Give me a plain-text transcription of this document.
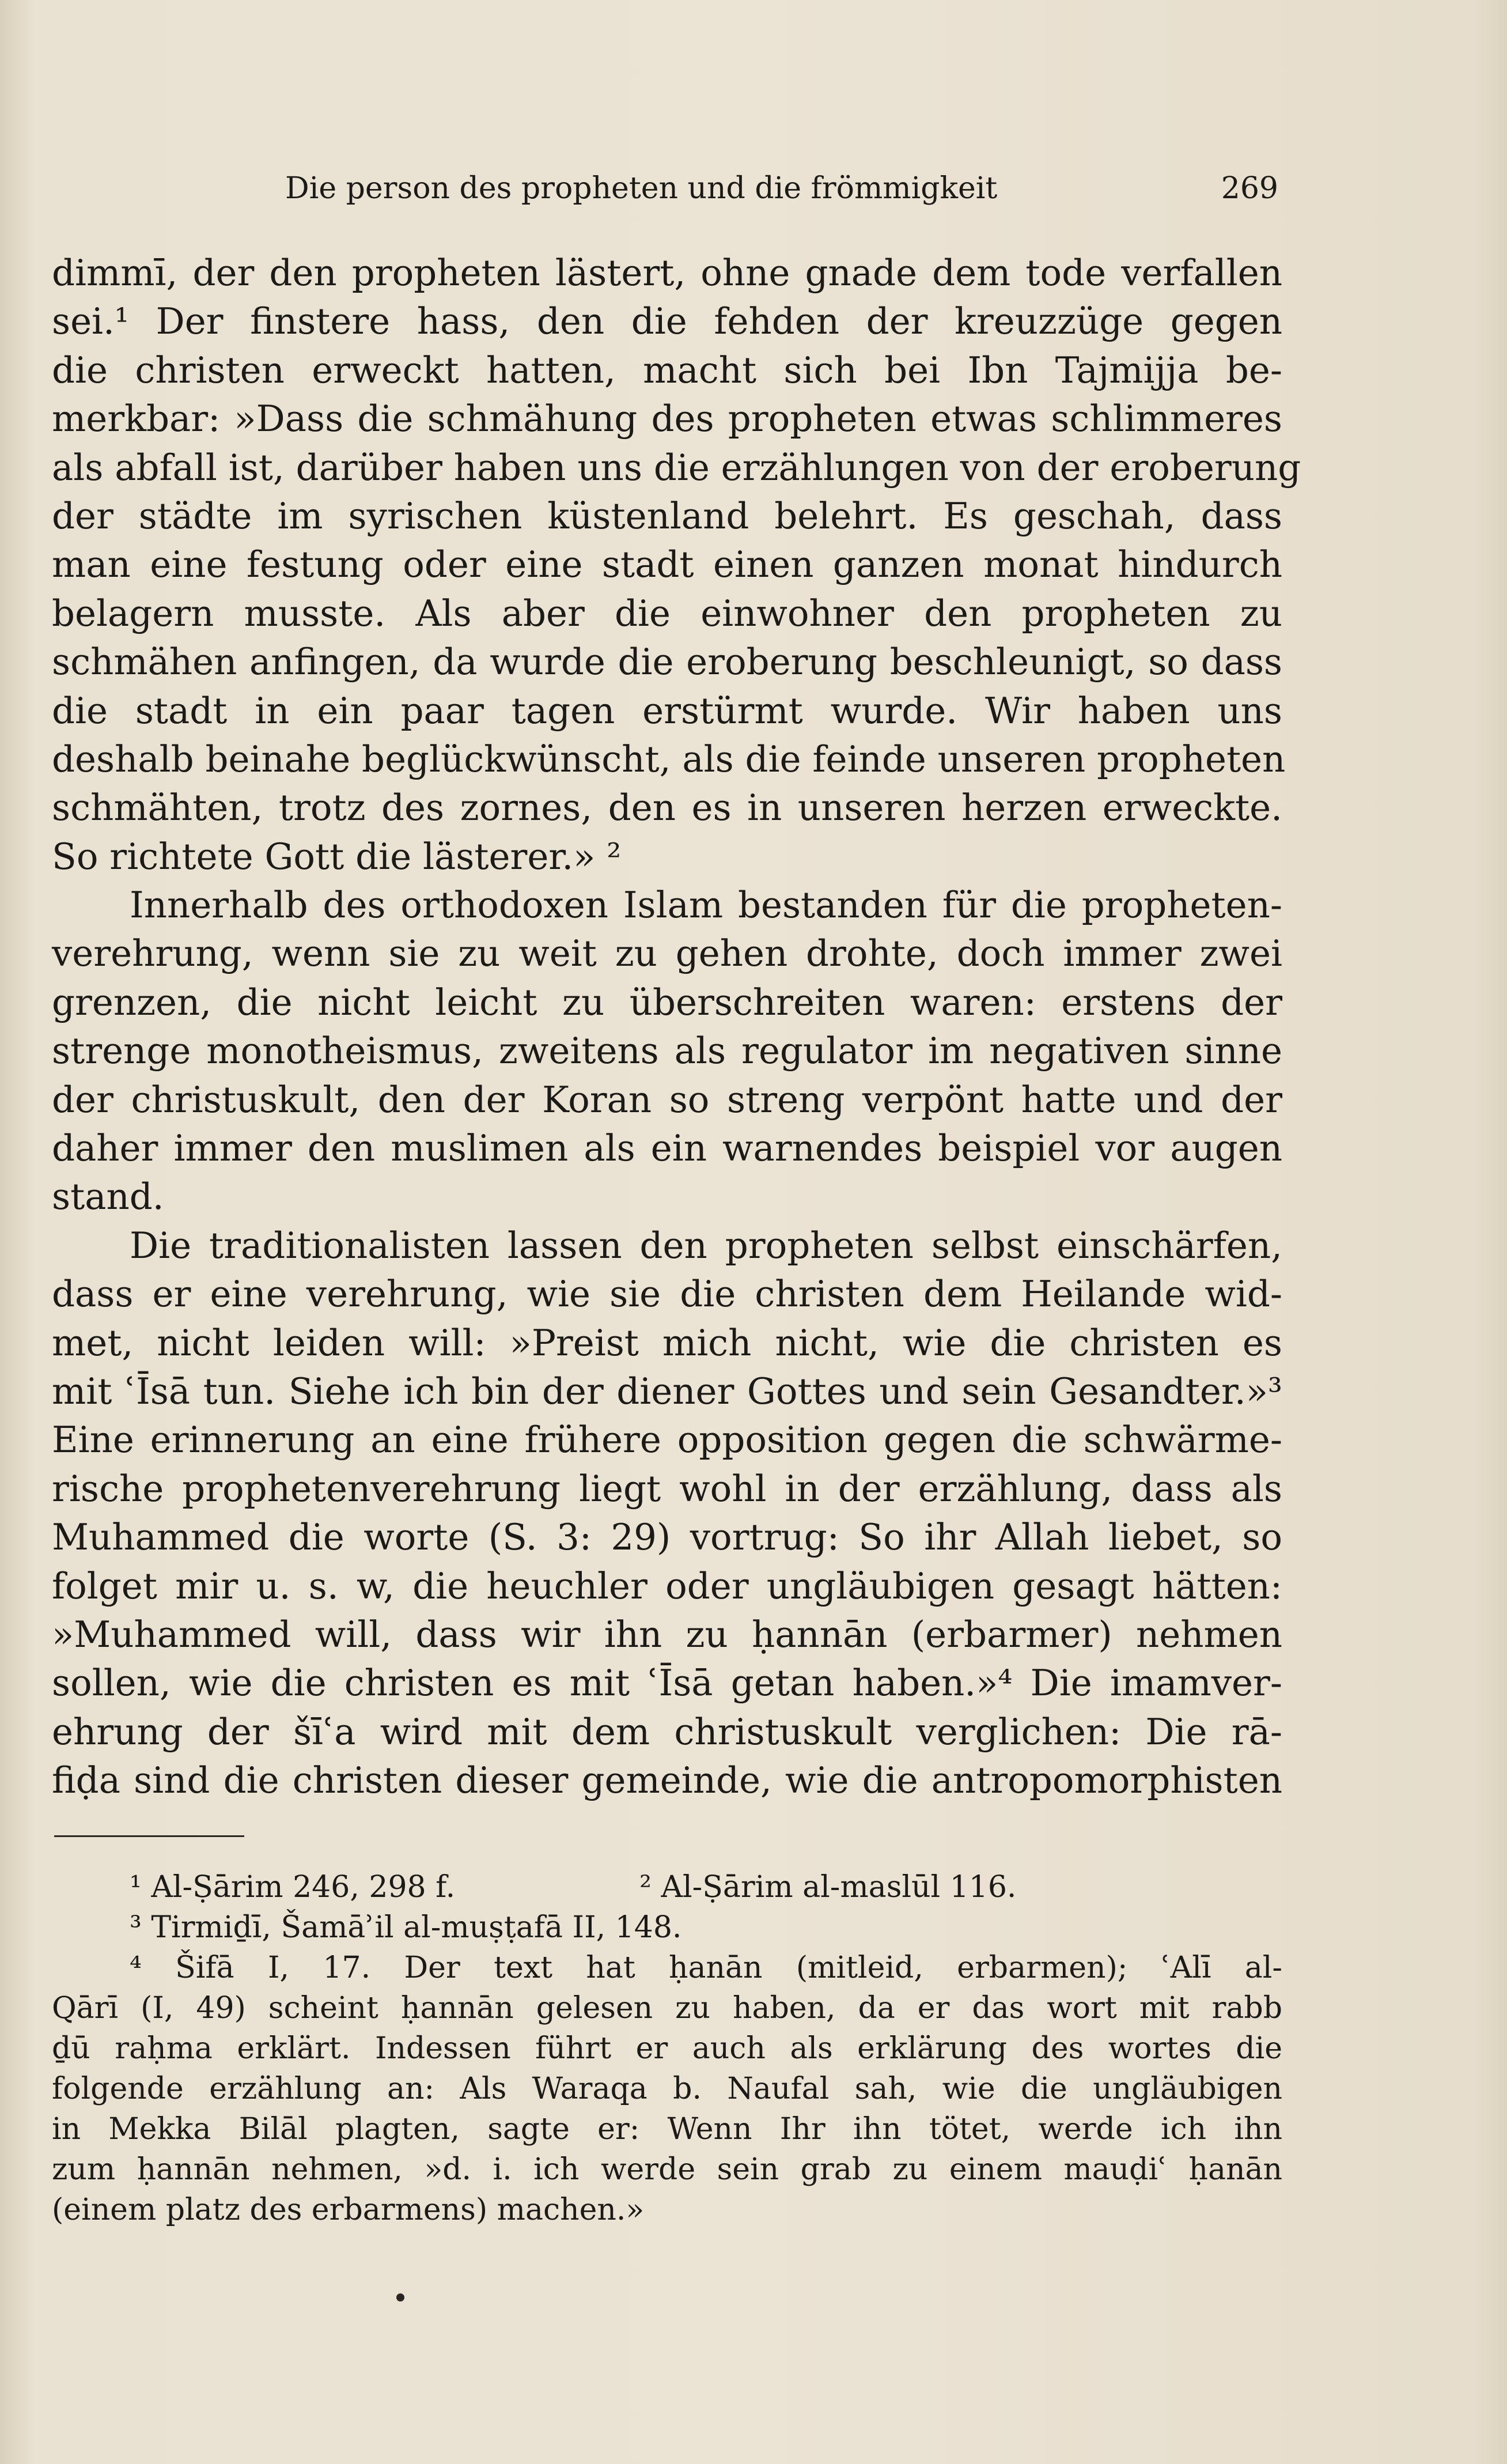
Die person des propheten und die frömmigkeit	269
dimmī, der den propheten lästert, ohne gnade dem tode verfallen
sei.¹ Der finstere hass, den die fehden der kreuzzüge gegen
die christen erweckt hatten, macht sich bei Ibn Tajmijja be-
merkbar: »Dass die schmähung des propheten etwas schlimmeres
als abfall ist, darüber haben uns die erzählungen von der eroberung
der städte im syrischen küstenland belehrt. Es geschah, dass
man eine festung oder eine stadt einen ganzen monat hindurch
belagern musste. Als aber die einwohner den propheten zu
schmähen anfingen, da wurde die eroberung beschleunigt, so dass
die stadt in ein paar tagen erstürmt wurde. Wir haben uns
deshalb beinahe beglückwünscht, als die feinde unseren propheten
schmähten, trotz des zornes, den es in unseren herzen erweckte.
So richtete Gott die lästerer.» ²
Innerhalb des orthodoxen Islam bestanden für die propheten-
verehrung, wenn sie zu weit zu gehen drohte, doch immer zwei
grenzen, die nicht leicht zu überschreiten waren: erstens der
strenge monotheismus, zweitens als regulator im negativen sinne
der christuskult, den der Koran so streng verpönt hatte und der
daher immer den muslimen als ein warnendes beispiel vor augen
stand.
Die traditionalisten lassen den propheten selbst einschärfen,
dass er eine verehrung, wie sie die christen dem Heilande wid-
met, nicht leiden will: »Preist mich nicht, wie die christen es
mit ʿĪsā tun. Siehe ich bin der diener Gottes und sein Gesandter.»³
Eine erinnerung an eine frühere opposition gegen die schwärme-
rische prophetenverehrung liegt wohl in der erzählung, dass als
Muhammed die worte (S. 3: 29) vortrug: So ihr Allah liebet, so
folget mir u. s. w, die heuchler oder ungläubigen gesagt hätten:
»Muhammed will, dass wir ihn zu ḥannān (erbarmer) nehmen
sollen, wie die christen es mit ʿĪsā getan haben.»⁴ Die imamver-
ehrung der šīʿa wird mit dem christuskult verglichen: Die rā-
fiḍa sind die christen dieser gemeinde, wie die antropomorphisten
¹ Al-Ṣārim 246, 298 f.	² Al-Ṣārim al-maslūl 116.
³ Tirmiḏī, Šamāʾil al-muṣṭafā II, 148.
⁴ Šifā I, 17. Der text hat ḥanān (mitleid, erbarmen); ʿAlī al-
Qārī (I, 49) scheint ḥannān gelesen zu haben, da er das wort mit rabb
ḏū raḥma erklärt. Indessen führt er auch als erklärung des wortes die
folgende erzählung an: Als Waraqa b. Naufal sah, wie die ungläubigen
in Mekka Bilāl plagten, sagte er: Wenn Ihr ihn tötet, werde ich ihn
zum ḥannān nehmen, »d. i. ich werde sein grab zu einem mauḍiʿ ḥanān
(einem platz des erbarmens) machen.»
